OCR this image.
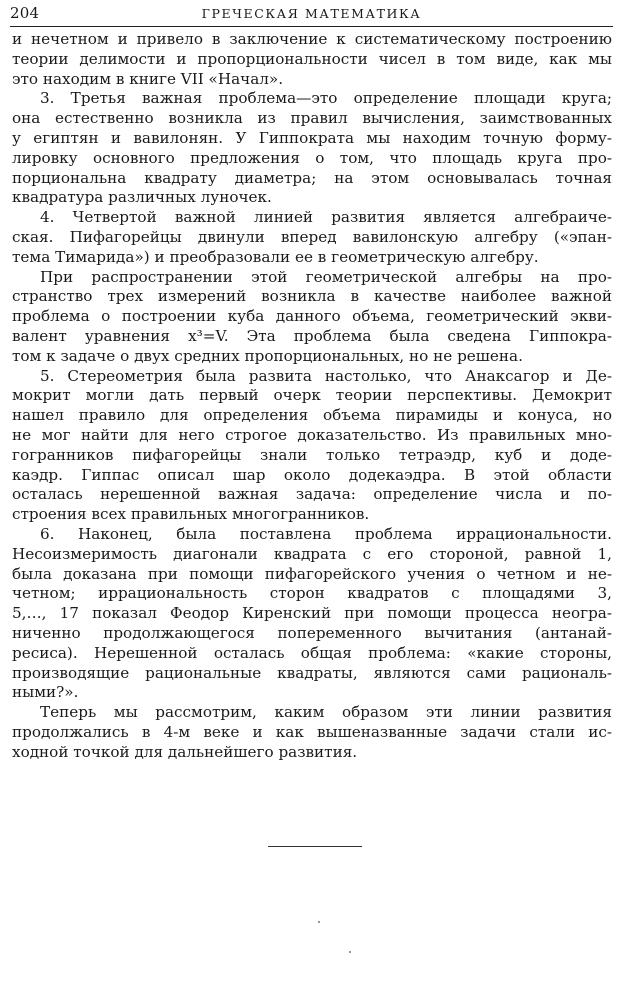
204	ГРЕЧЕСКАЯ МАТЕМАТИКА
и нечетном и привело в заключение к систематическому построению
теории делимости и пропорциональности чисел в том виде, как мы
это находим в книге VII «Начал».
3. Третья важная проблема—это определение площади круга;
она естественно возникла из правил вычисления, заимствованных
у египтян и вавилонян. У Гиппократа мы находим точную форму-
лировку основного предложения о том, что площадь круга про-
порциональна квадрату диаметра; на этом основывалась точная
квадратура различных луночек.
4. Четвертой важной линией развития является алгебраиче-
ская. Пифагорейцы двинули вперед вавилонскую алгебру («эпан-
тема Тимарида») и преобразовали ее в геометрическую алгебру.
При распространении этой геометрической алгебры на про-
странство трех измерений возникла в качестве наиболее важной
проблема о построении куба данного объема, геометрический экви-
валент уравнения x³=V. Эта проблема была сведена Гиппокра-
том к задаче о двух средних пропорциональных, но не решена.
5. Стереометрия была развита настолько, что Анаксагор и Де-
мокрит могли дать первый очерк теории перспективы. Демокрит
нашел правило для определения объема пирамиды и конуса, но
не мог найти для него строгое доказательство. Из правильных мно-
гогранников пифагорейцы знали только тетраэдр, куб и доде-
каэдр. Гиппас описал шар около додекаэдра. В этой области
осталась нерешенной важная задача: определение числа и по-
строения всех правильных многогранников.
6. Наконец, была поставлена проблема иррациональности.
Несоизмеримость диагонали квадрата с его стороной, равной 1,
была доказана при помощи пифагорейского учения о четном и не-
четном; иррациональность сторон квадратов с площадями 3,
5,…, 17 показал Феодор Киренский при помощи процесса неогра-
ниченно продолжающегося попеременного вычитания (антанай-
ресиса). Нерешенной осталась общая проблема: «какие стороны,
производящие рациональные квадраты, являются сами рациональ-
ными?».
Теперь мы рассмотрим, каким образом эти линии развития
продолжались в 4-м веке и как вышеназванные задачи стали ис-
ходной точкой для дальнейшего развития.
